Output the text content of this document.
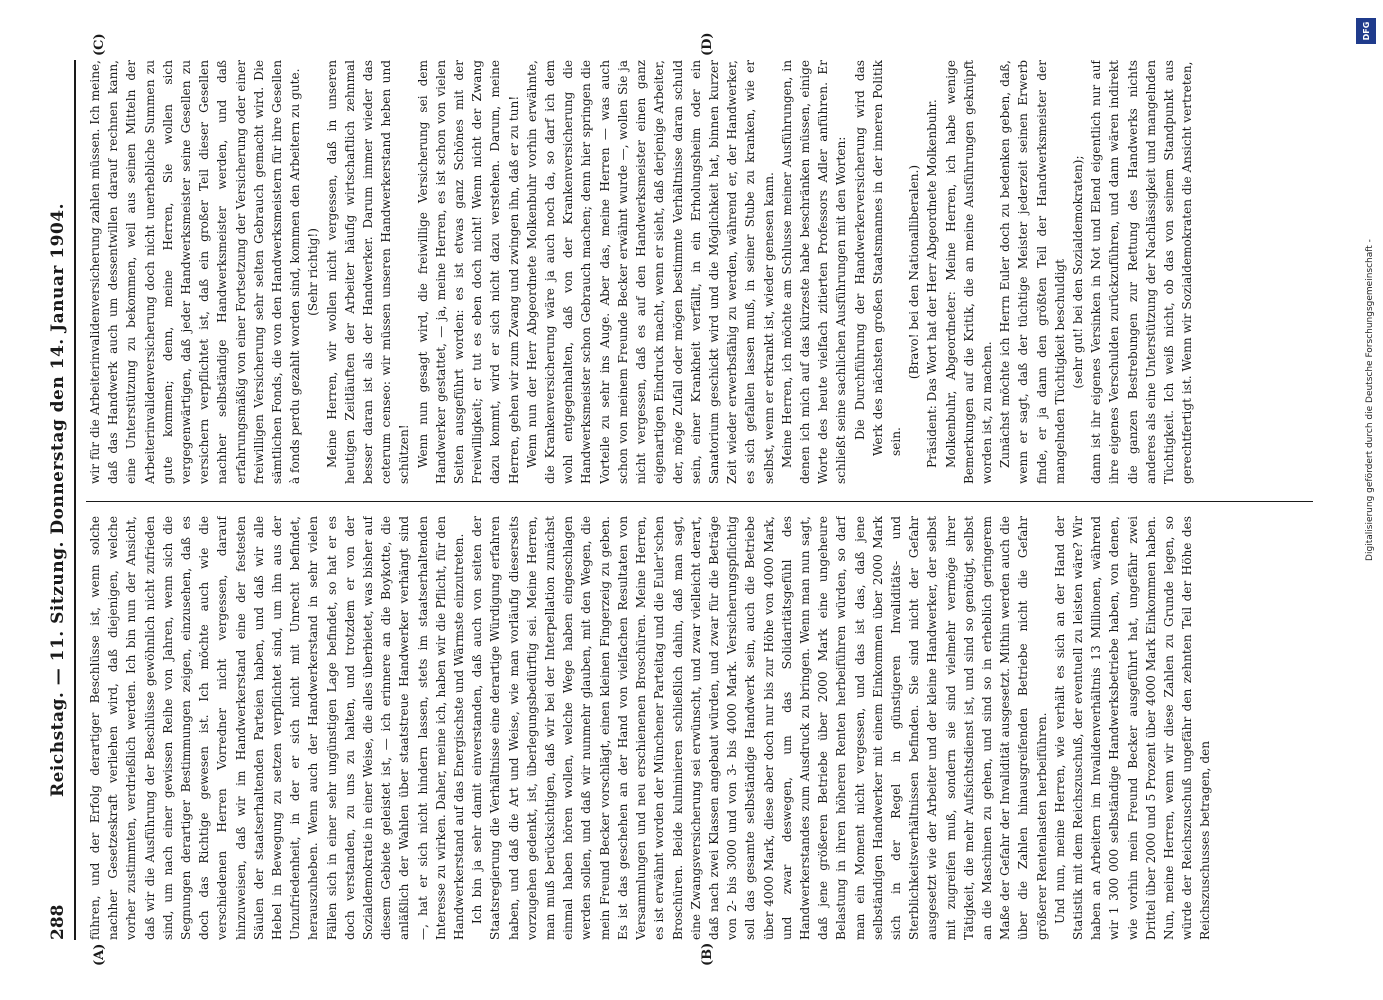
288
Reichstag. — 11. Sitzung. Donnerstag den 14. Januar 1904.
(A)	(B)
(C)	(D)

führen, und der Erfolg derartiger Beschlüsse ist, wenn solche nachher Gesetzeskraft verliehen wird, daß diejenigen, welche vorher zustimmten, verdrießlich werden. Ich bin nun der Ansicht, daß wir die Ausführung der Beschlüsse gewöhnlich nicht zufrieden sind, um nach einer gewissen Reihe von Jahren, wenn sich die Segnungen derartiger Bestimmungen zeigen, einzusehen, daß es doch das Richtige gewesen ist. Ich möchte auch wie die verschiedenen Herren Vorredner nicht vergessen, darauf hinzuweisen, daß wir im Handwerkerstand eine der festesten Säulen der staatserhaltenden Parteien haben, und daß wir alle Hebel in Bewegung zu setzen verpflichtet sind, um ihn aus der Unzufriedenheit, in der er sich nicht mit Unrecht befindet, herauszuheben. Wenn auch der Handwerkerstand in sehr vielen Fällen sich in einer sehr ungünstigen Lage befindet, so hat er es doch verstanden, zu uns zu halten, und trotzdem er von der Sozialdemokratie in einer Weise, die alles überbietet, was bisher auf diesem Gebiete geleistet ist, — ich erinnere an die Boykotte, die anläßlich der Wahlen über staatstreue Handwerker verhängt sind —, hat er sich nicht hindern lassen, stets im staatserhaltenden Interesse zu wirken. Daher, meine ich, haben wir die Pflicht, für den Handwerkerstand auf das Energischste und Wärmste einzutreten. Ich bin ja sehr damit einverstanden, daß auch von seiten der Staatsregierung die Verhältnisse eine derartige Würdigung erfahren haben, und daß die Art und Weise, wie man vorläufig dieserseits vorzugehen gedenkt, ist, überlegungsbedürftig sei. Meine Herren, man muß berücksichtigen, daß wir bei der Interpellation zunächst einmal haben hören wollen, welche Wege haben eingeschlagen werden sollen, und daß wir nunmehr glauben, mit den Wegen, die mein Freund Becker vorschlägt, einen kleinen Fingerzeig zu geben. Es ist das geschehen an der Hand von vielfachen Resultaten von Versammlungen und neu erschienenen Broschüren. Meine Herren, es ist erwähnt worden der Münchener Parteitag und die Euler'schen Broschüren. Beide kulminieren schließlich dahin, daß man sagt, eine Zwangsversicherung sei erwünscht, und zwar vielleicht derart, daß nach zwei Klassen angebaut würden, und zwar für die Beträge von 2- bis 3000 und von 3- bis 4000 Mark. Versicherungspflichtig soll das gesamte selbständige Handwerk sein, auch die Betriebe über 4000 Mark, diese aber doch nur bis zur Höhe von 4000 Mark, und zwar deswegen, um das Solidaritätsgefühl des Handwerkerstandes zum Ausdruck zu bringen. Wenn man nun sagt, daß jene größeren Betriebe über 2000 Mark eine ungeheure Belastung in ihren höheren Renten herbeiführen würden, so darf man ein Moment nicht vergessen, und das ist das, daß jene selbständigen Handwerker mit einem Einkommen über 2000 Mark sich in der Regel in günstigeren Invaliditäts- und Sterblichkeitsverhältnissen befinden. Sie sind nicht der Gefahr ausgesetzt wie der Arbeiter und der kleine Handwerker, der selbst mit zugreifen muß, sondern sie sind vielmehr vermöge ihrer Tätigkeit, die mehr Aufsichtsdienst ist, und sind so genötigt, selbst an die Maschinen zu gehen, und sind so in erheblich geringerem Maße der Gefahr der Invalidität ausgesetzt. Mithin werden auch die über die Zahlen hinausgreifenden Betriebe nicht die Gefahr größerer Rentenlasten herbeiführen. Und nun, meine Herren, wie verhält es sich an der Hand der Statistik mit dem Reichszuschuß, der eventuell zu leisten wäre? Wir haben an Arbeitern im Invalidenverhältnis 13 Millionen, während wir 1 300 000 selbständige Handwerksbetriebe haben, von denen, wie vorhin mein Freund Becker ausgeführt hat, ungefähr zwei Drittel über 2000 und 5 Prozent über 4000 Mark Einkommen haben. Nun, meine Herren, wenn wir diese Zahlen zu Grunde legen, so würde der Reichszuschuß ungefähr den zehnten Teil der Höhe des Reichszuschusses betragen, den

wir für die Arbeiterinvalidenversicherung zahlen müssen. Ich meine, daß das Handwerk auch um dessentwillen darauf rechnen kann, eine Unterstützung zu bekommen, weil aus seinen Mitteln der Arbeiterinvalidenversicherung doch nicht unerhebliche Summen zu gute kommen; denn, meine Herren, Sie wollen sich vergegenwärtigen, daß jeder Handwerksmeister seine Gesellen zu versichern verpflichtet ist, daß ein großer Teil dieser Gesellen nachher selbständige Handwerksmeister werden, und daß erfahrungsmäßig von einer Fortsetzung der Versicherung oder einer freiwilligen Versicherung sehr selten Gebrauch gemacht wird. Die sämtlichen Fonds, die von den Handwerksmeistern für ihre Gesellen à fonds perdu gezahlt worden sind, kommen den Arbeitern zu gute. (Sehr richtig!) Meine Herren, wir wollen nicht vergessen, daß in unseren heutigen Zeitläuften der Arbeiter häufig wirtschaftlich zehnmal besser daran ist als der Handwerker. Darum immer wieder das ceterum censeo: wir müssen unseren Handwerkerstand heben und schützen! Wenn nun gesagt wird, die freiwillige Versicherung sei dem Handwerker gestattet, — ja, meine Herren, es ist schon von vielen Seiten ausgeführt worden: es ist etwas ganz Schönes mit der Freiwilligkeit; er tut es eben doch nicht! Wenn nicht der Zwang dazu kommt, wird er sich nicht dazu verstehen. Darum, meine Herren, gehen wir zum Zwang und zwingen ihn, daß er zu tun! Wenn nun der Herr Abgeordnete Molkenbuhr vorhin erwähnte, die Krankenversicherung wäre ja auch noch da, so darf ich dem wohl entgegenhalten, daß von der Krankenversicherung die Handwerksmeister schon Gebrauch machen; denn hier springen die Vorteile zu sehr ins Auge. Aber das, meine Herren — was auch schon von meinem Freunde Becker erwähnt wurde —, wollen Sie ja nicht vergessen, daß es auf den Handwerksmeister einen ganz eigenartigen Eindruck macht, wenn er sieht, daß derjenige Arbeiter, der, möge Zufall oder mögen bestimmte Verhältnisse daran schuld sein, einer Krankheit verfällt, in ein Erholungsheim oder ein Sanatorium geschickt wird und die Möglichkeit hat, binnen kurzer Zeit wieder erwerbsfähig zu werden, während er, der Handwerker, es sich gefallen lassen muß, in seiner Stube zu kranken, wie er selbst, wenn er erkrankt ist, wieder genesen kann. Meine Herren, ich möchte am Schlusse meiner Ausführungen, in denen ich mich auf das kürzeste habe beschränken müssen, einige Worte des heute vielfach zitierten Professors Adler anführen. Er schließt seine sachlichen Ausführungen mit den Worten: Die Durchführung der Handwerkerversicherung wird das Werk des nächsten großen Staatsmannes in der inneren Politik sein.

(Bravo! bei den Nationalliberalen.) Präsident: Das Wort hat der Herr Abgeordnete Molkenbuhr. Molkenbuhr, Abgeordneter: Meine Herren, ich habe wenige Bemerkungen auf die Kritik, die an meine Ausführungen geknüpft worden ist, zu machen. Zunächst möchte ich Herrn Euler doch zu bedenken geben, daß, wenn er sagt, daß der tüchtige Meister jederzeit seinen Erwerb finde, er ja dann den größten Teil der Handwerksmeister der mangelnden Tüchtigkeit beschuldigt (sehr gut! bei den Sozialdemokraten); dann ist ihr eigenes Versinken in Not und Elend eigentlich nur auf ihre eigenes Verschulden zurückzuführen, und dann wären indirekt die ganzen Bestrebungen zur Rettung des Handwerks nichts anderes als eine Unterstützung der Nachlässigkeit und mangelnden Tüchtigkeit. Ich weiß nicht, ob das von seinem Standpunkt aus gerechtfertigt ist. Wenn wir Sozialdemokraten die Ansicht vertreten,	Digitalisierung gefördert durch die Deutsche Forschungsgemeinschaft -
DFG
